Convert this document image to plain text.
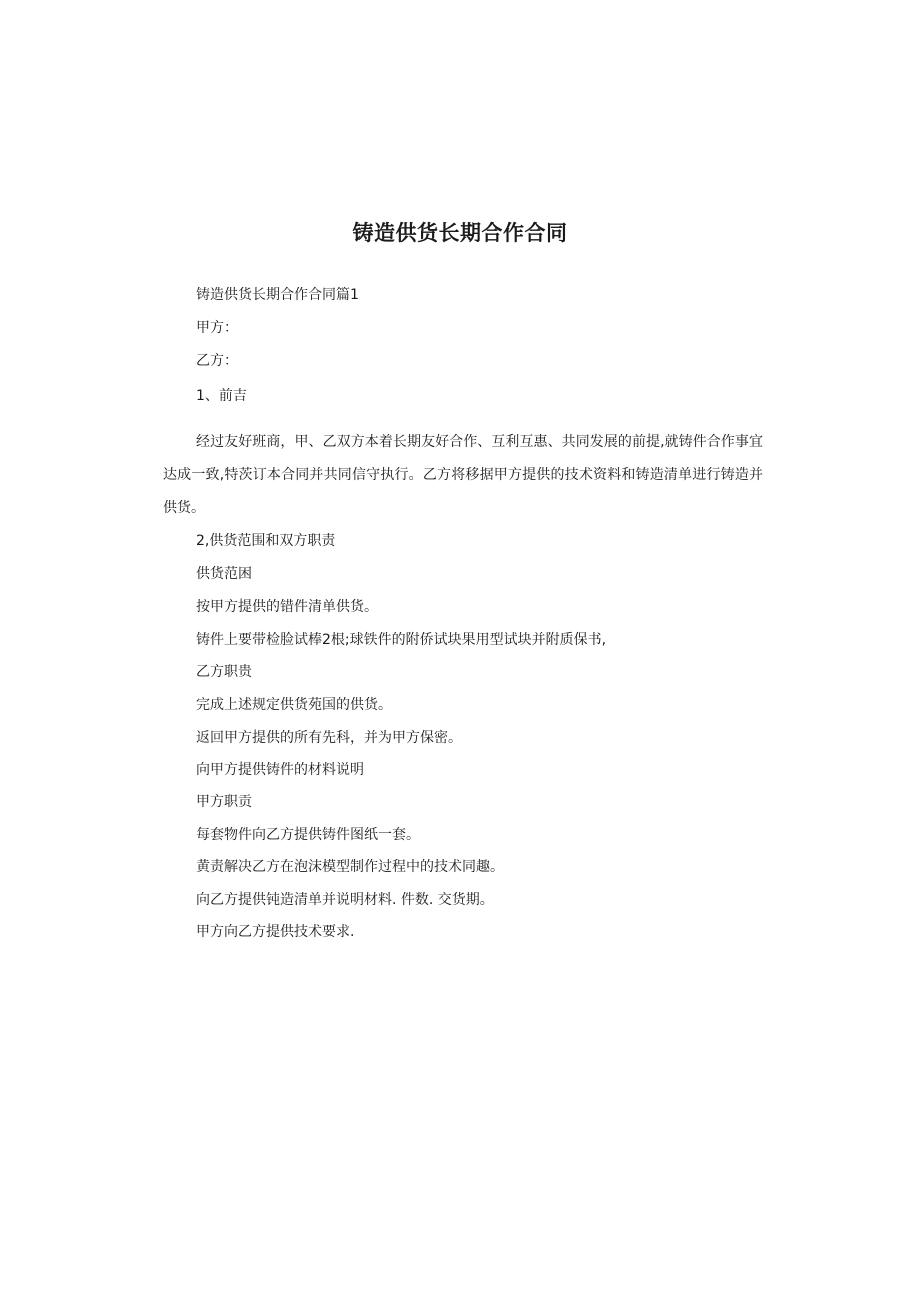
铸造供货长期合作合同
铸造供货长期合作合同篇1
甲方：
乙方：
1、前吉
经过友好班商，甲、乙双方本着长期友好合作、互利互惠、共同发展的前提,就铸件合作事宜达成一致,特茨订本合同并共同信守执行。乙方将移据甲方提供的技术资料和铸造清单进行铸造并供货。
2,供货范围和双方职责
供货范困
按甲方提供的错件清单供货。
铸件上要带检脸试棒2根;球铁件的附侨试块果用型试块并附质保书,
乙方职贵
完成上述规定供货苑国的供货。
返回甲方提供的所有先科，并为甲方保密。
向甲方提供铸件的材料说明
甲方职贡
每套物件向乙方提供铸件图纸一套。
黄责解决乙方在泡沫模型制作过程中的技术同趣。
向乙方提供钝造清单并说明材料. 件数. 交货期。
甲方向乙方提供技术要求.
